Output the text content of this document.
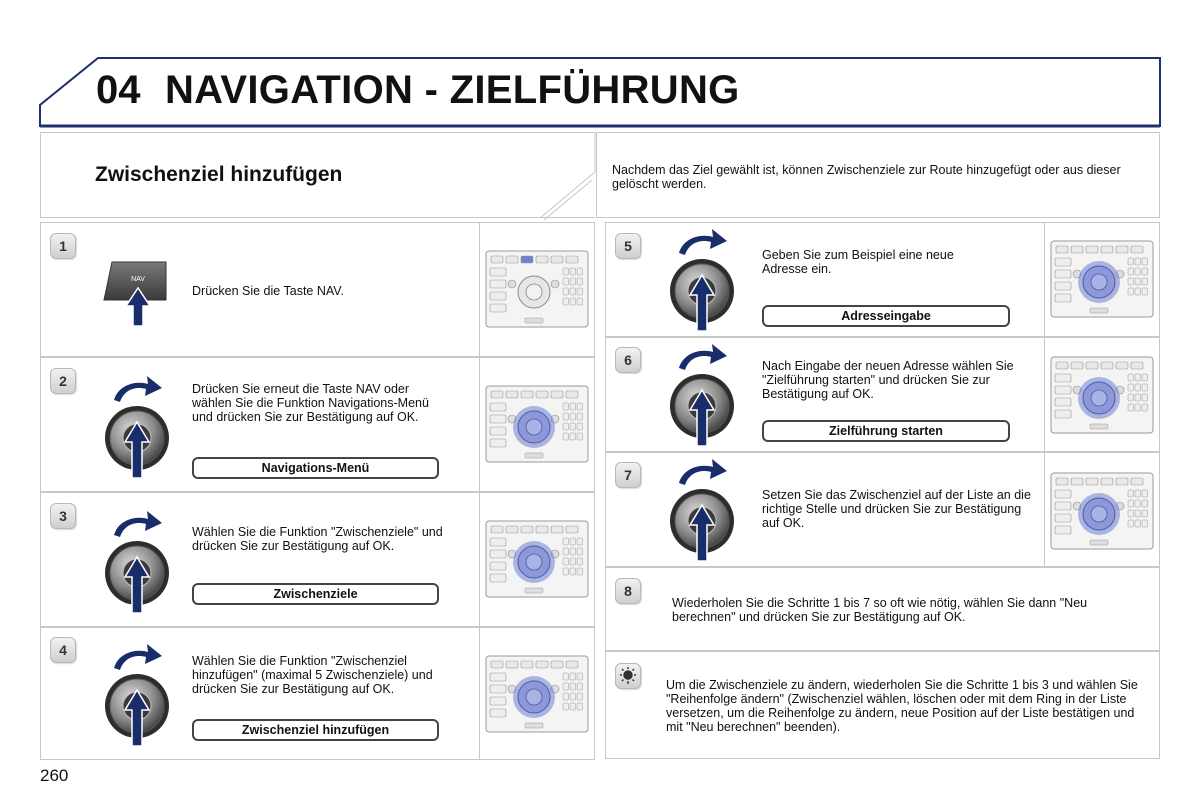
04 NAVIGATION - ZIELFÜHRUNG
Zwischenziel hinzufügen	Nachdem das Ziel gewählt ist, können Zwischenziele zur Route hinzugefügt oder aus dieser gelöscht werden.
1
2
3
4
5
6
7
8
NAV
Drücken Sie die Taste NAV.
Drücken Sie erneut die Taste NAV oder wählen Sie die Funktion Navigations-Menü und drücken Sie zur Bestätigung auf OK.
Navigations-Menü
Wählen Sie die Funktion "Zwischenziele" und drücken Sie zur Bestätigung auf OK.
Zwischenziele
Wählen Sie die Funktion "Zwischenziel hinzufügen" (maximal 5 Zwischenziele) und drücken Sie zur Bestätigung auf OK.
Zwischenziel hinzufügen
Geben Sie zum Beispiel eine neue Adresse ein.
Adresseingabe
Nach Eingabe der neuen Adresse wählen Sie "Zielführung starten" und drücken Sie zur Bestätigung auf OK.
Zielführung starten
Setzen Sie das Zwischenziel auf der Liste an die richtige Stelle und drücken Sie zur Bestätigung auf OK.
Wiederholen Sie die Schritte 1 bis 7 so oft wie nötig, wählen Sie dann "Neu berechnen" und drücken Sie zur Bestätigung auf OK.
Um die Zwischenziele zu ändern, wiederholen Sie die Schritte 1 bis 3 und wählen Sie "Reihenfolge ändern" (Zwischenziel wählen, löschen oder mit dem Ring in der Liste versetzen, um die Reihenfolge zu ändern, neue Position auf der Liste bestätigen und mit "Neu berechnen" beenden).
260
